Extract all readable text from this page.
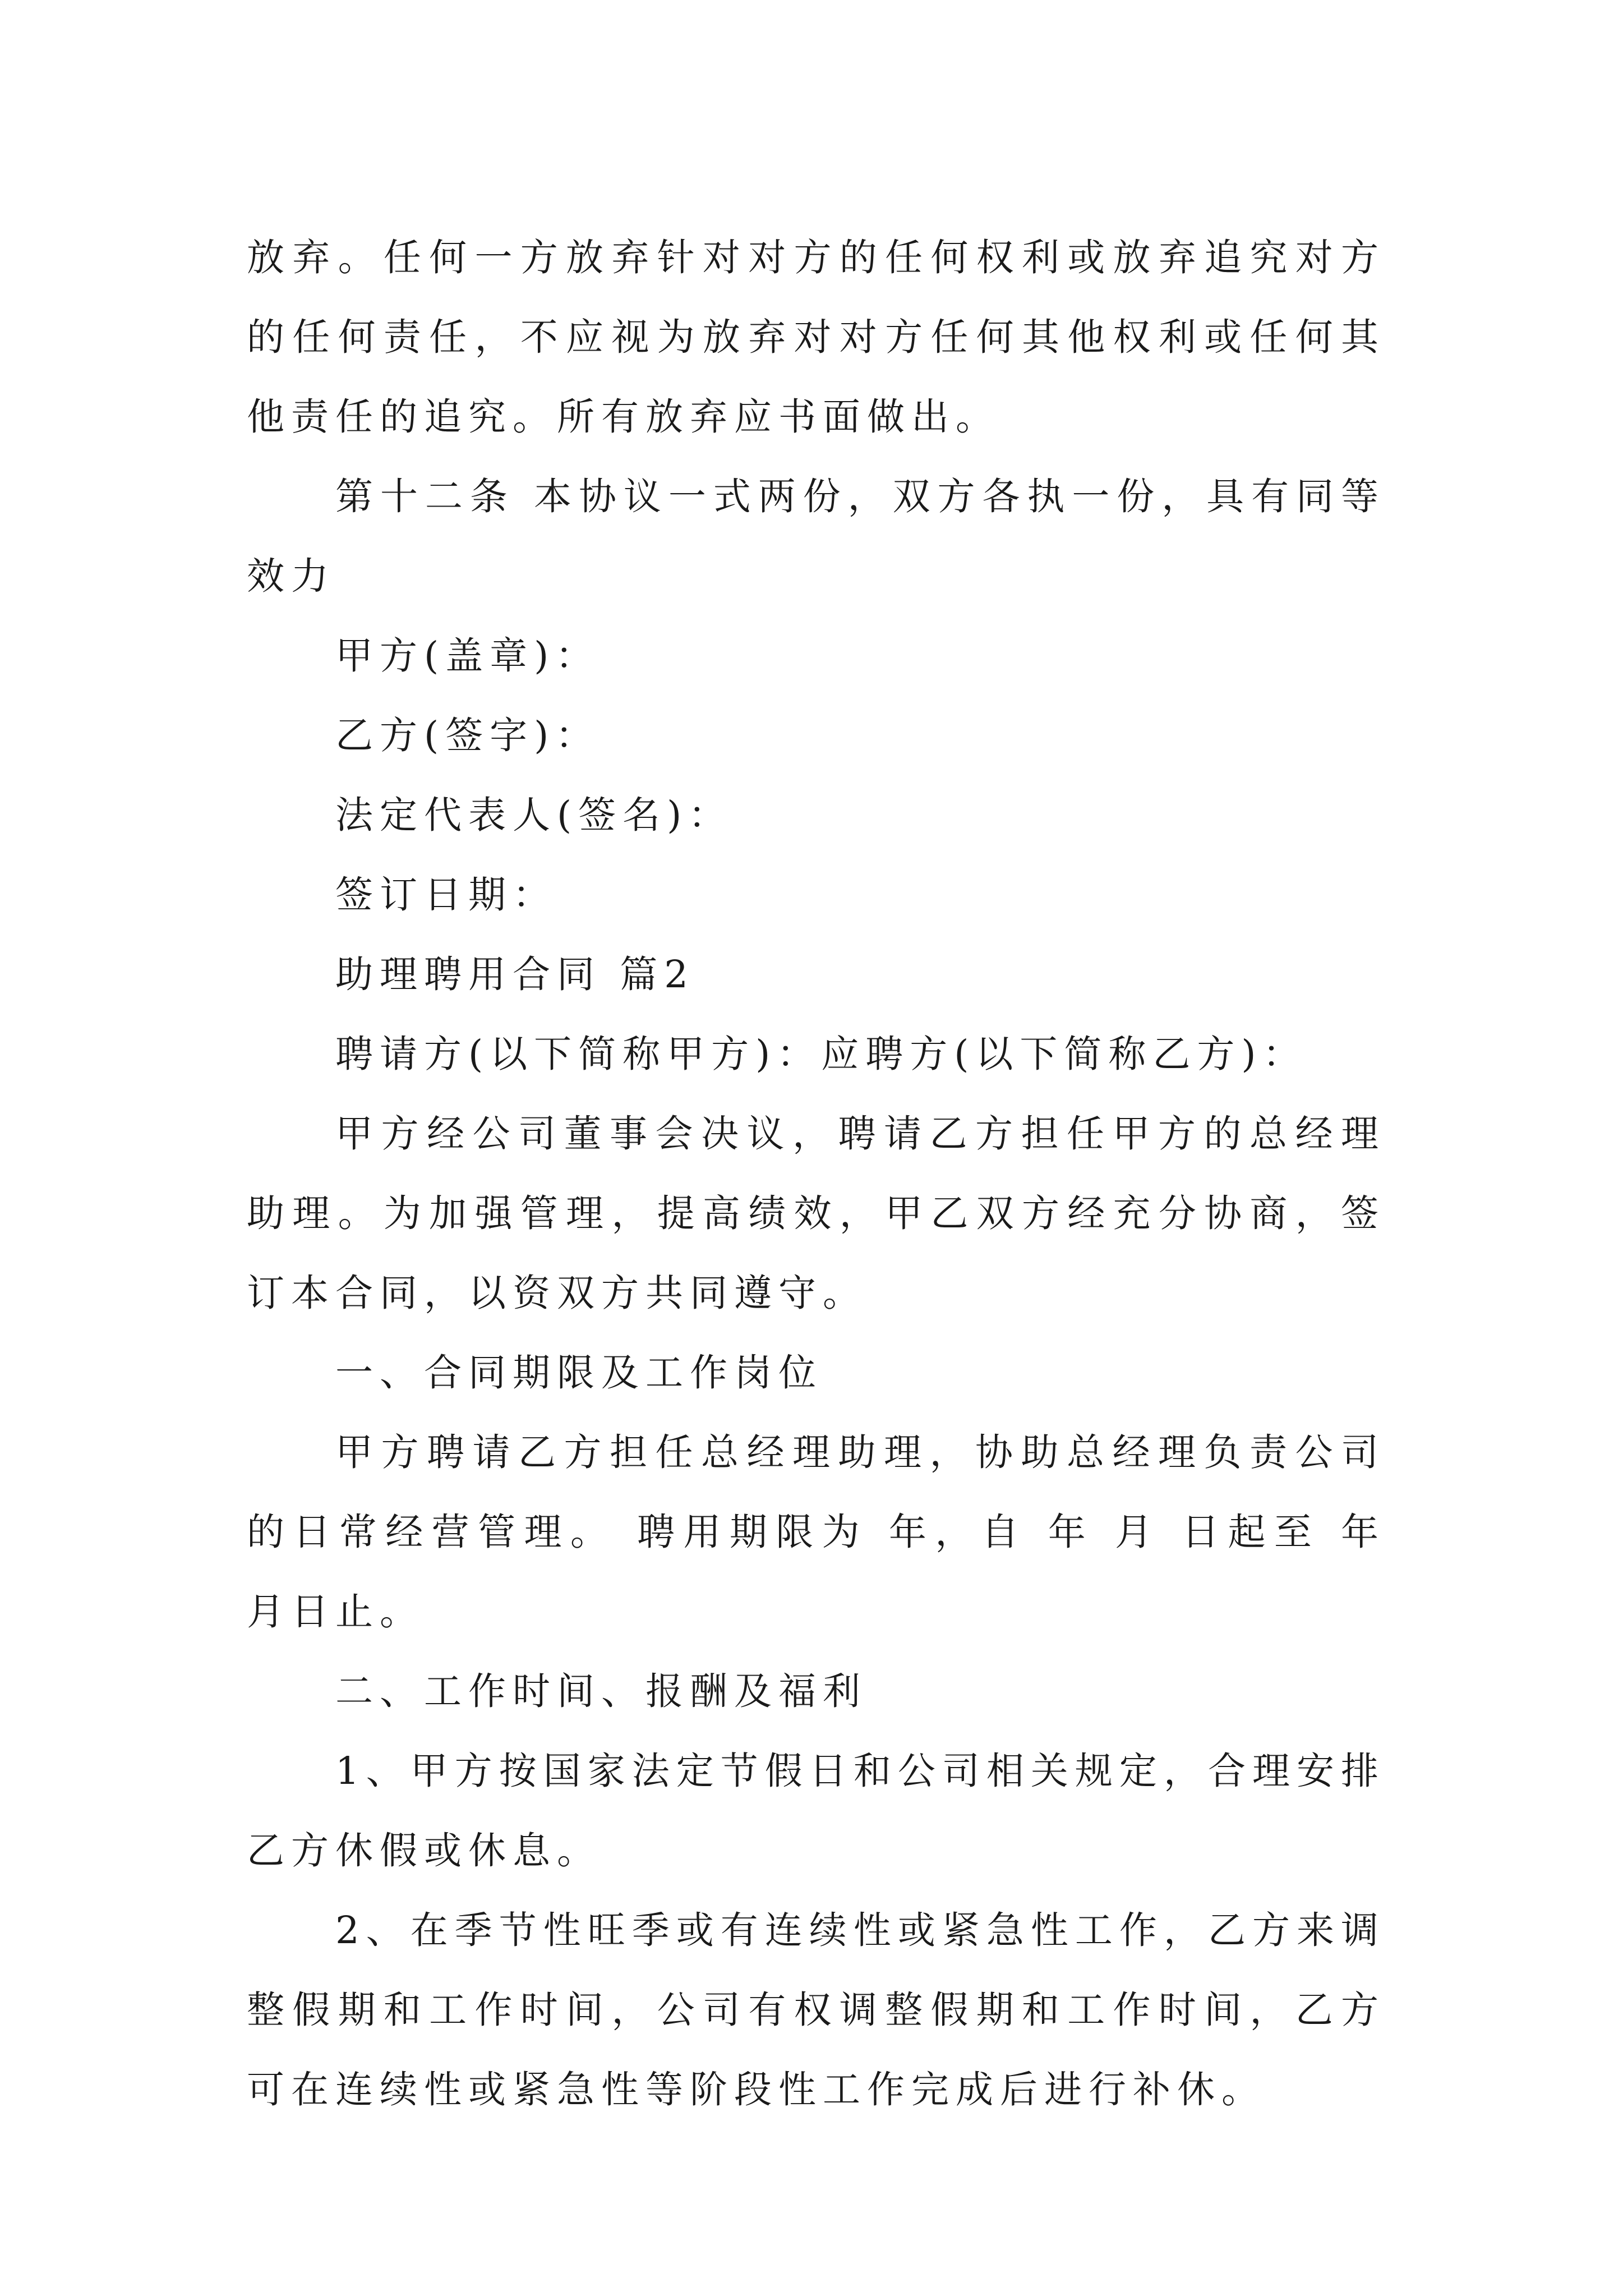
放弃。任何一方放弃针对对方的任何权利或放弃追究对方的任何责任，不应视为放弃对对方任何其他权利或任何其他责任的追究。所有放弃应书面做出。

第十二条 本协议一式两份，双方各执一份，具有同等效力

甲方(盖章)：

乙方(签字)：

法定代表人(签名)：

签订日期：

助理聘用合同 篇2

聘请方(以下简称甲方)：应聘方(以下简称乙方)：

甲方经公司董事会决议，聘请乙方担任甲方的总经理助理。为加强管理，提高绩效，甲乙双方经充分协商，签订本合同，以资双方共同遵守。

一、合同期限及工作岗位

甲方聘请乙方担任总经理助理，协助总经理负责公司的日常经营管理。 聘用期限为 年，自 年 月 日起至 年 月日止。

二、工作时间、报酬及福利

1、甲方按国家法定节假日和公司相关规定，合理安排乙方休假或休息。

2、在季节性旺季或有连续性或紧急性工作，乙方来调整假期和工作时间，公司有权调整假期和工作时间，乙方可在连续性或紧急性等阶段性工作完成后进行补休。
